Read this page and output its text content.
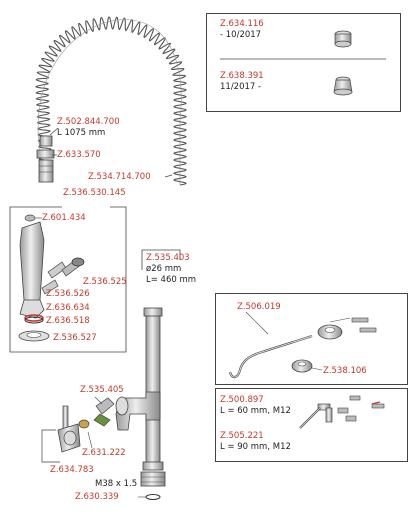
Z.634.116
- 10/2017
Z.638.391
11/2017 -
Z.502.844.700
L 1075 mm
Z.633.570
Z.534.714.700
Z.536.530.145
Z.601.434
Z.536.525
Z.536.526
Z.636.634
Z.636.518
Z.536.527
Z.535.403
ø26 mm
L= 460 mm
Z.506.019
Z.538.106
Z.500.897
L = 60 mm, M12
Z.505.221
L = 90 mm, M12
Z.535.405
Z.631.222
Z.634.783
M38 x 1.5
Z.630.339
